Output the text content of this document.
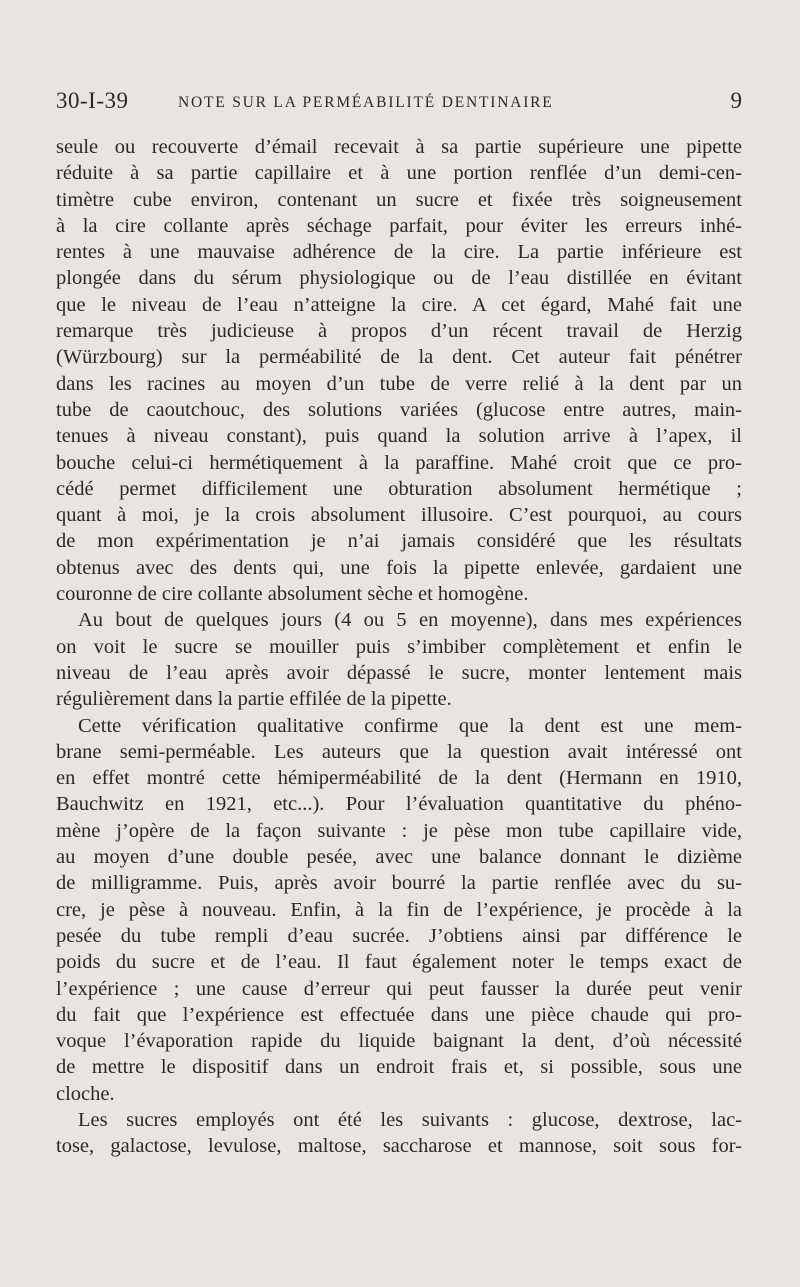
30-I-39	NOTE SUR LA PERMÉABILITÉ DENTINAIRE	9
seule ou recouverte d’émail recevait à sa partie supérieure une pipette
réduite à sa partie capillaire et à une portion renflée d’un demi-cen-
timètre cube environ, contenant un sucre et fixée très soigneusement
à la cire collante après séchage parfait, pour éviter les erreurs inhé-
rentes à une mauvaise adhérence de la cire. La partie inférieure est
plongée dans du sérum physiologique ou de l’eau distillée en évitant
que le niveau de l’eau n’atteigne la cire. A cet égard, Mahé fait une
remarque très judicieuse à propos d’un récent travail de Herzig
(Würzbourg) sur la perméabilité de la dent. Cet auteur fait pénétrer
dans les racines au moyen d’un tube de verre relié à la dent par un
tube de caoutchouc, des solutions variées (glucose entre autres, main-
tenues à niveau constant), puis quand la solution arrive à l’apex, il
bouche celui-ci hermétiquement à la paraffine. Mahé croit que ce pro-
cédé permet difficilement une obturation absolument hermétique ;
quant à moi, je la crois absolument illusoire. C’est pourquoi, au cours
de mon expérimentation je n’ai jamais considéré que les résultats
obtenus avec des dents qui, une fois la pipette enlevée, gardaient une
couronne de cire collante absolument sèche et homogène.
Au bout de quelques jours (4 ou 5 en moyenne), dans mes expériences
on voit le sucre se mouiller puis s’imbiber complètement et enfin le
niveau de l’eau après avoir dépassé le sucre, monter lentement mais
régulièrement dans la partie effilée de la pipette.
Cette vérification qualitative confirme que la dent est une mem-
brane semi-perméable. Les auteurs que la question avait intéressé ont
en effet montré cette hémiperméabilité de la dent (Hermann en 1910,
Bauchwitz en 1921, etc...). Pour l’évaluation quantitative du phéno-
mène j’opère de la façon suivante : je pèse mon tube capillaire vide,
au moyen d’une double pesée, avec une balance donnant le dizième
de milligramme. Puis, après avoir bourré la partie renflée avec du su-
cre, je pèse à nouveau. Enfin, à la fin de l’expérience, je procède à la
pesée du tube rempli d’eau sucrée. J’obtiens ainsi par différence le
poids du sucre et de l’eau. Il faut également noter le temps exact de
l’expérience ; une cause d’erreur qui peut fausser la durée peut venir
du fait que l’expérience est effectuée dans une pièce chaude qui pro-
voque l’évaporation rapide du liquide baignant la dent, d’où nécessité
de mettre le dispositif dans un endroit frais et, si possible, sous une
cloche.
Les sucres employés ont été les suivants : glucose, dextrose, lac-
tose, galactose, levulose, maltose, saccharose et mannose, soit sous for-
